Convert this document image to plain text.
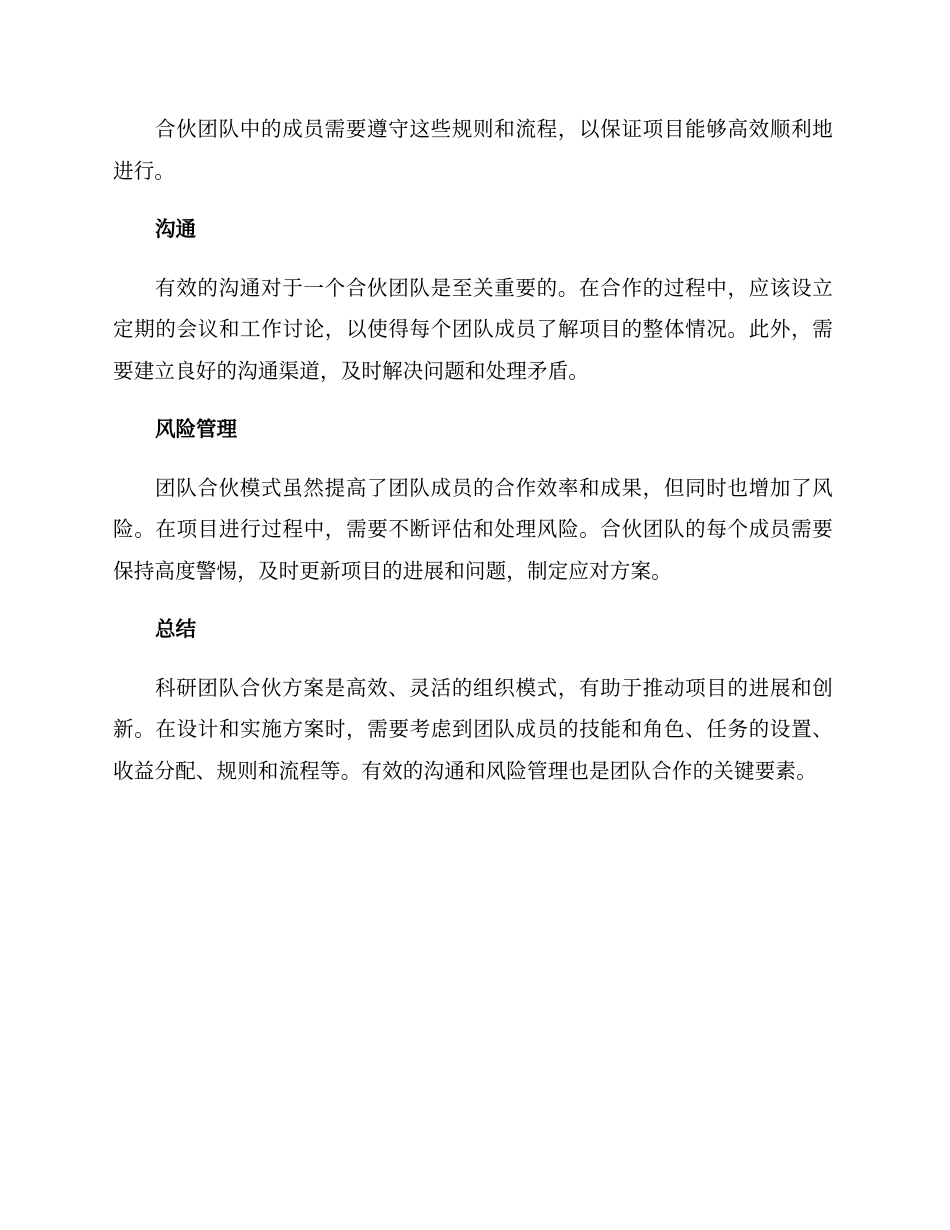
合伙团队中的成员需要遵守这些规则和流程，以保证项目能够高效顺利地进行。

沟通

有效的沟通对于一个合伙团队是至关重要的。在合作的过程中，应该设立定期的会议和工作讨论，以使得每个团队成员了解项目的整体情况。此外，需要建立良好的沟通渠道，及时解决问题和处理矛盾。

风险管理

团队合伙模式虽然提高了团队成员的合作效率和成果，但同时也增加了风险。在项目进行过程中，需要不断评估和处理风险。合伙团队的每个成员需要保持高度警惕，及时更新项目的进展和问题，制定应对方案。

总结

科研团队合伙方案是高效、灵活的组织模式，有助于推动项目的进展和创新。在设计和实施方案时，需要考虑到团队成员的技能和角色、任务的设置、收益分配、规则和流程等。有效的沟通和风险管理也是团队合作的关键要素。
